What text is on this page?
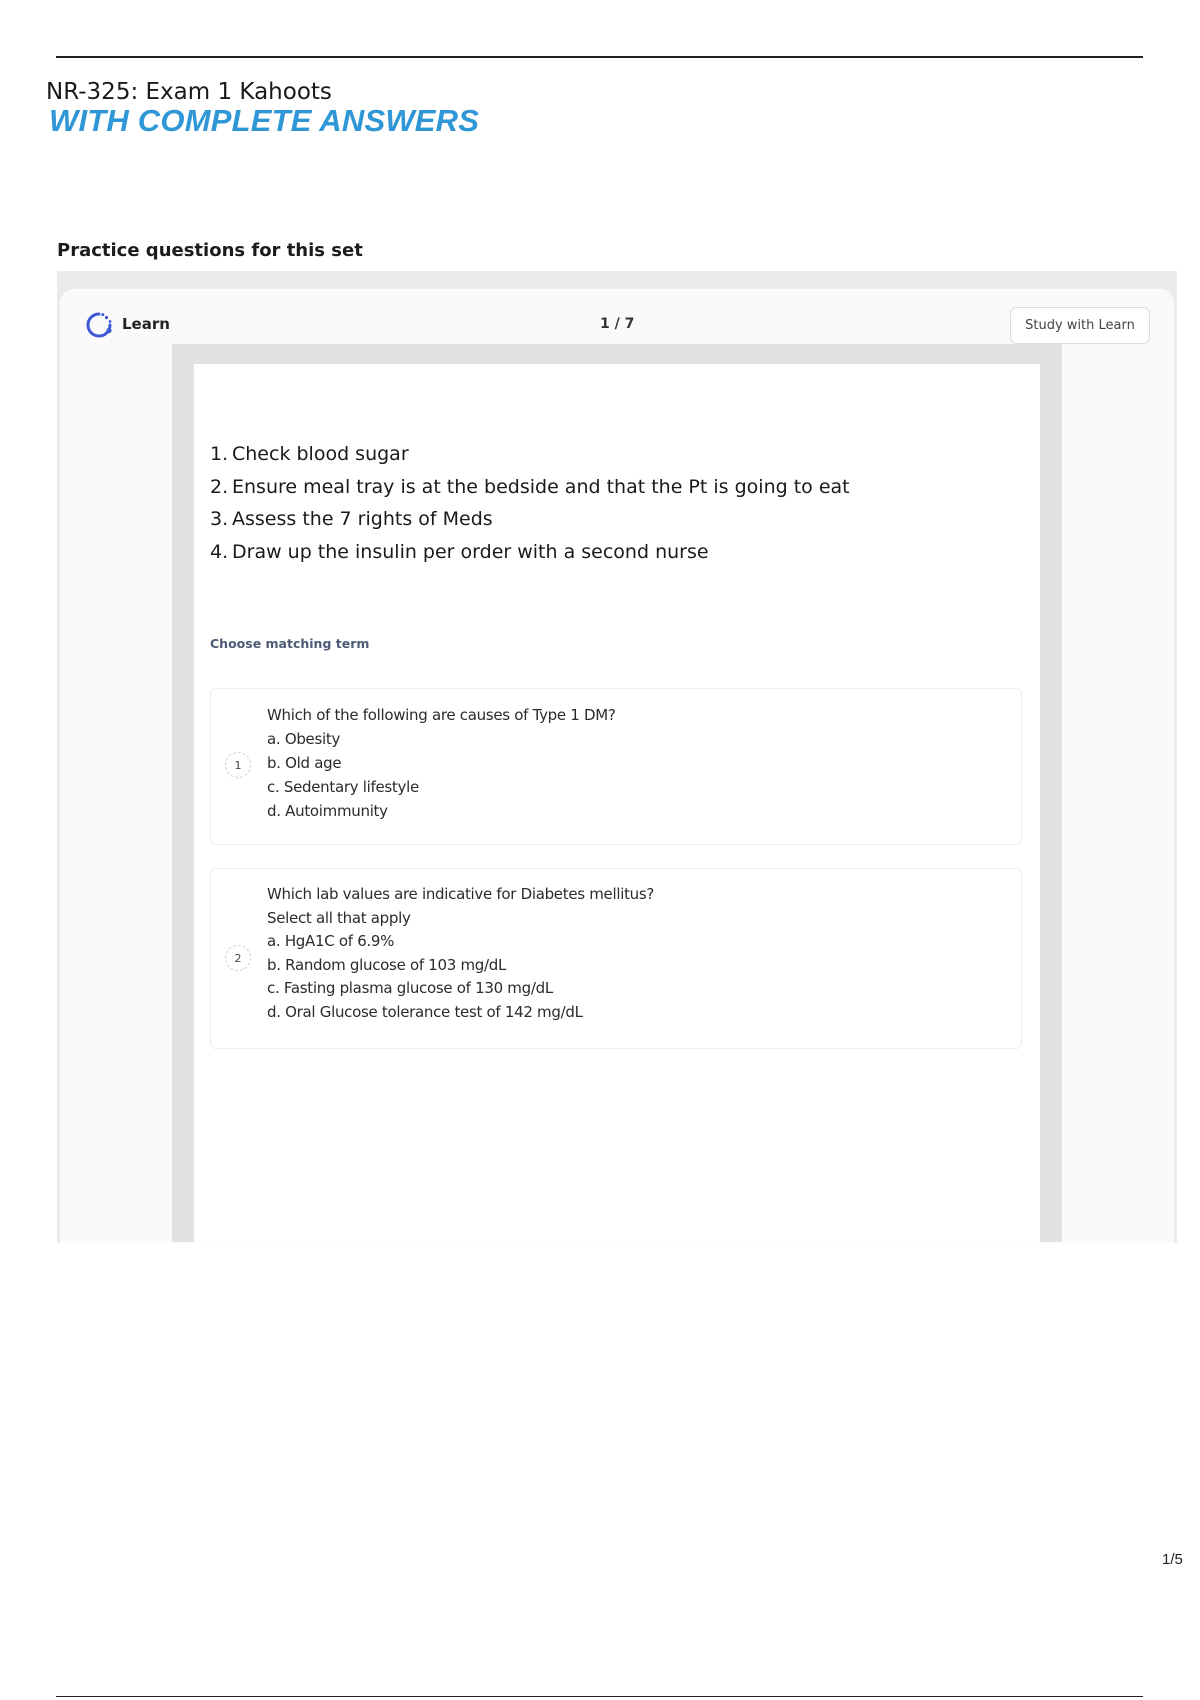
NR-325: Exam 1 Kahoots
WITH COMPLETE ANSWERS
Practice questions for this set
Learn	1 / 7	Study with Learn
1. Check blood sugar
2. Ensure meal tray is at the bedside and that the Pt is going to eat
3. Assess the 7 rights of Meds
4. Draw up the insulin per order with a second nurse
Choose matching term
1
Which of the following are causes of Type 1 DM?
a. Obesity
b. Old age
c. Sedentary lifestyle
d. Autoimmunity
2
Which lab values are indicative for Diabetes mellitus?
Select all that apply
a. HgA1C of 6.9%
b. Random glucose of 103 mg/dL
c. Fasting plasma glucose of 130 mg/dL
d. Oral Glucose tolerance test of 142 mg/dL
1/5
